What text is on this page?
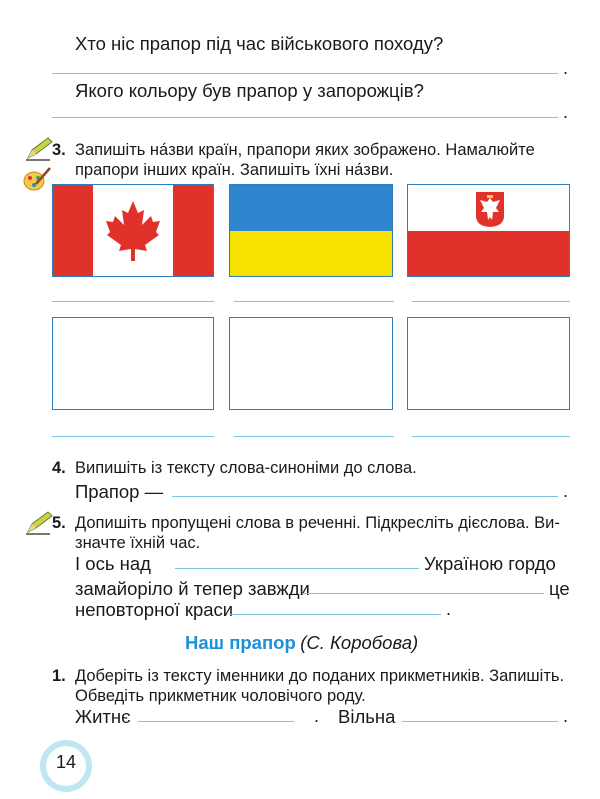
Хто ніс прапор під час військового походу?
.
Якого кольору був прапор у запорожців?
.
3. Запишіть на́зви країн, прапори яких зображено. Намалюйте
прапори інших країн. Запишіть їхні на́зви.
4. Випишіть із тексту слова-синоніми до слова.
Прапор —	.
5. Допишіть пропущені слова в реченні. Підкресліть дієслова. Ви-
значте їхній час.
І ось над	Україною гордо
замайоріло й тепер завжди	це
неповторної краси	.
Наш прапор (С. Коробова)
1. Доберіть із тексту іменники до поданих прикметників. Запишіть.
Обведіть прикметник чоловічого роду.
Житнє	. Вільна	.
14
